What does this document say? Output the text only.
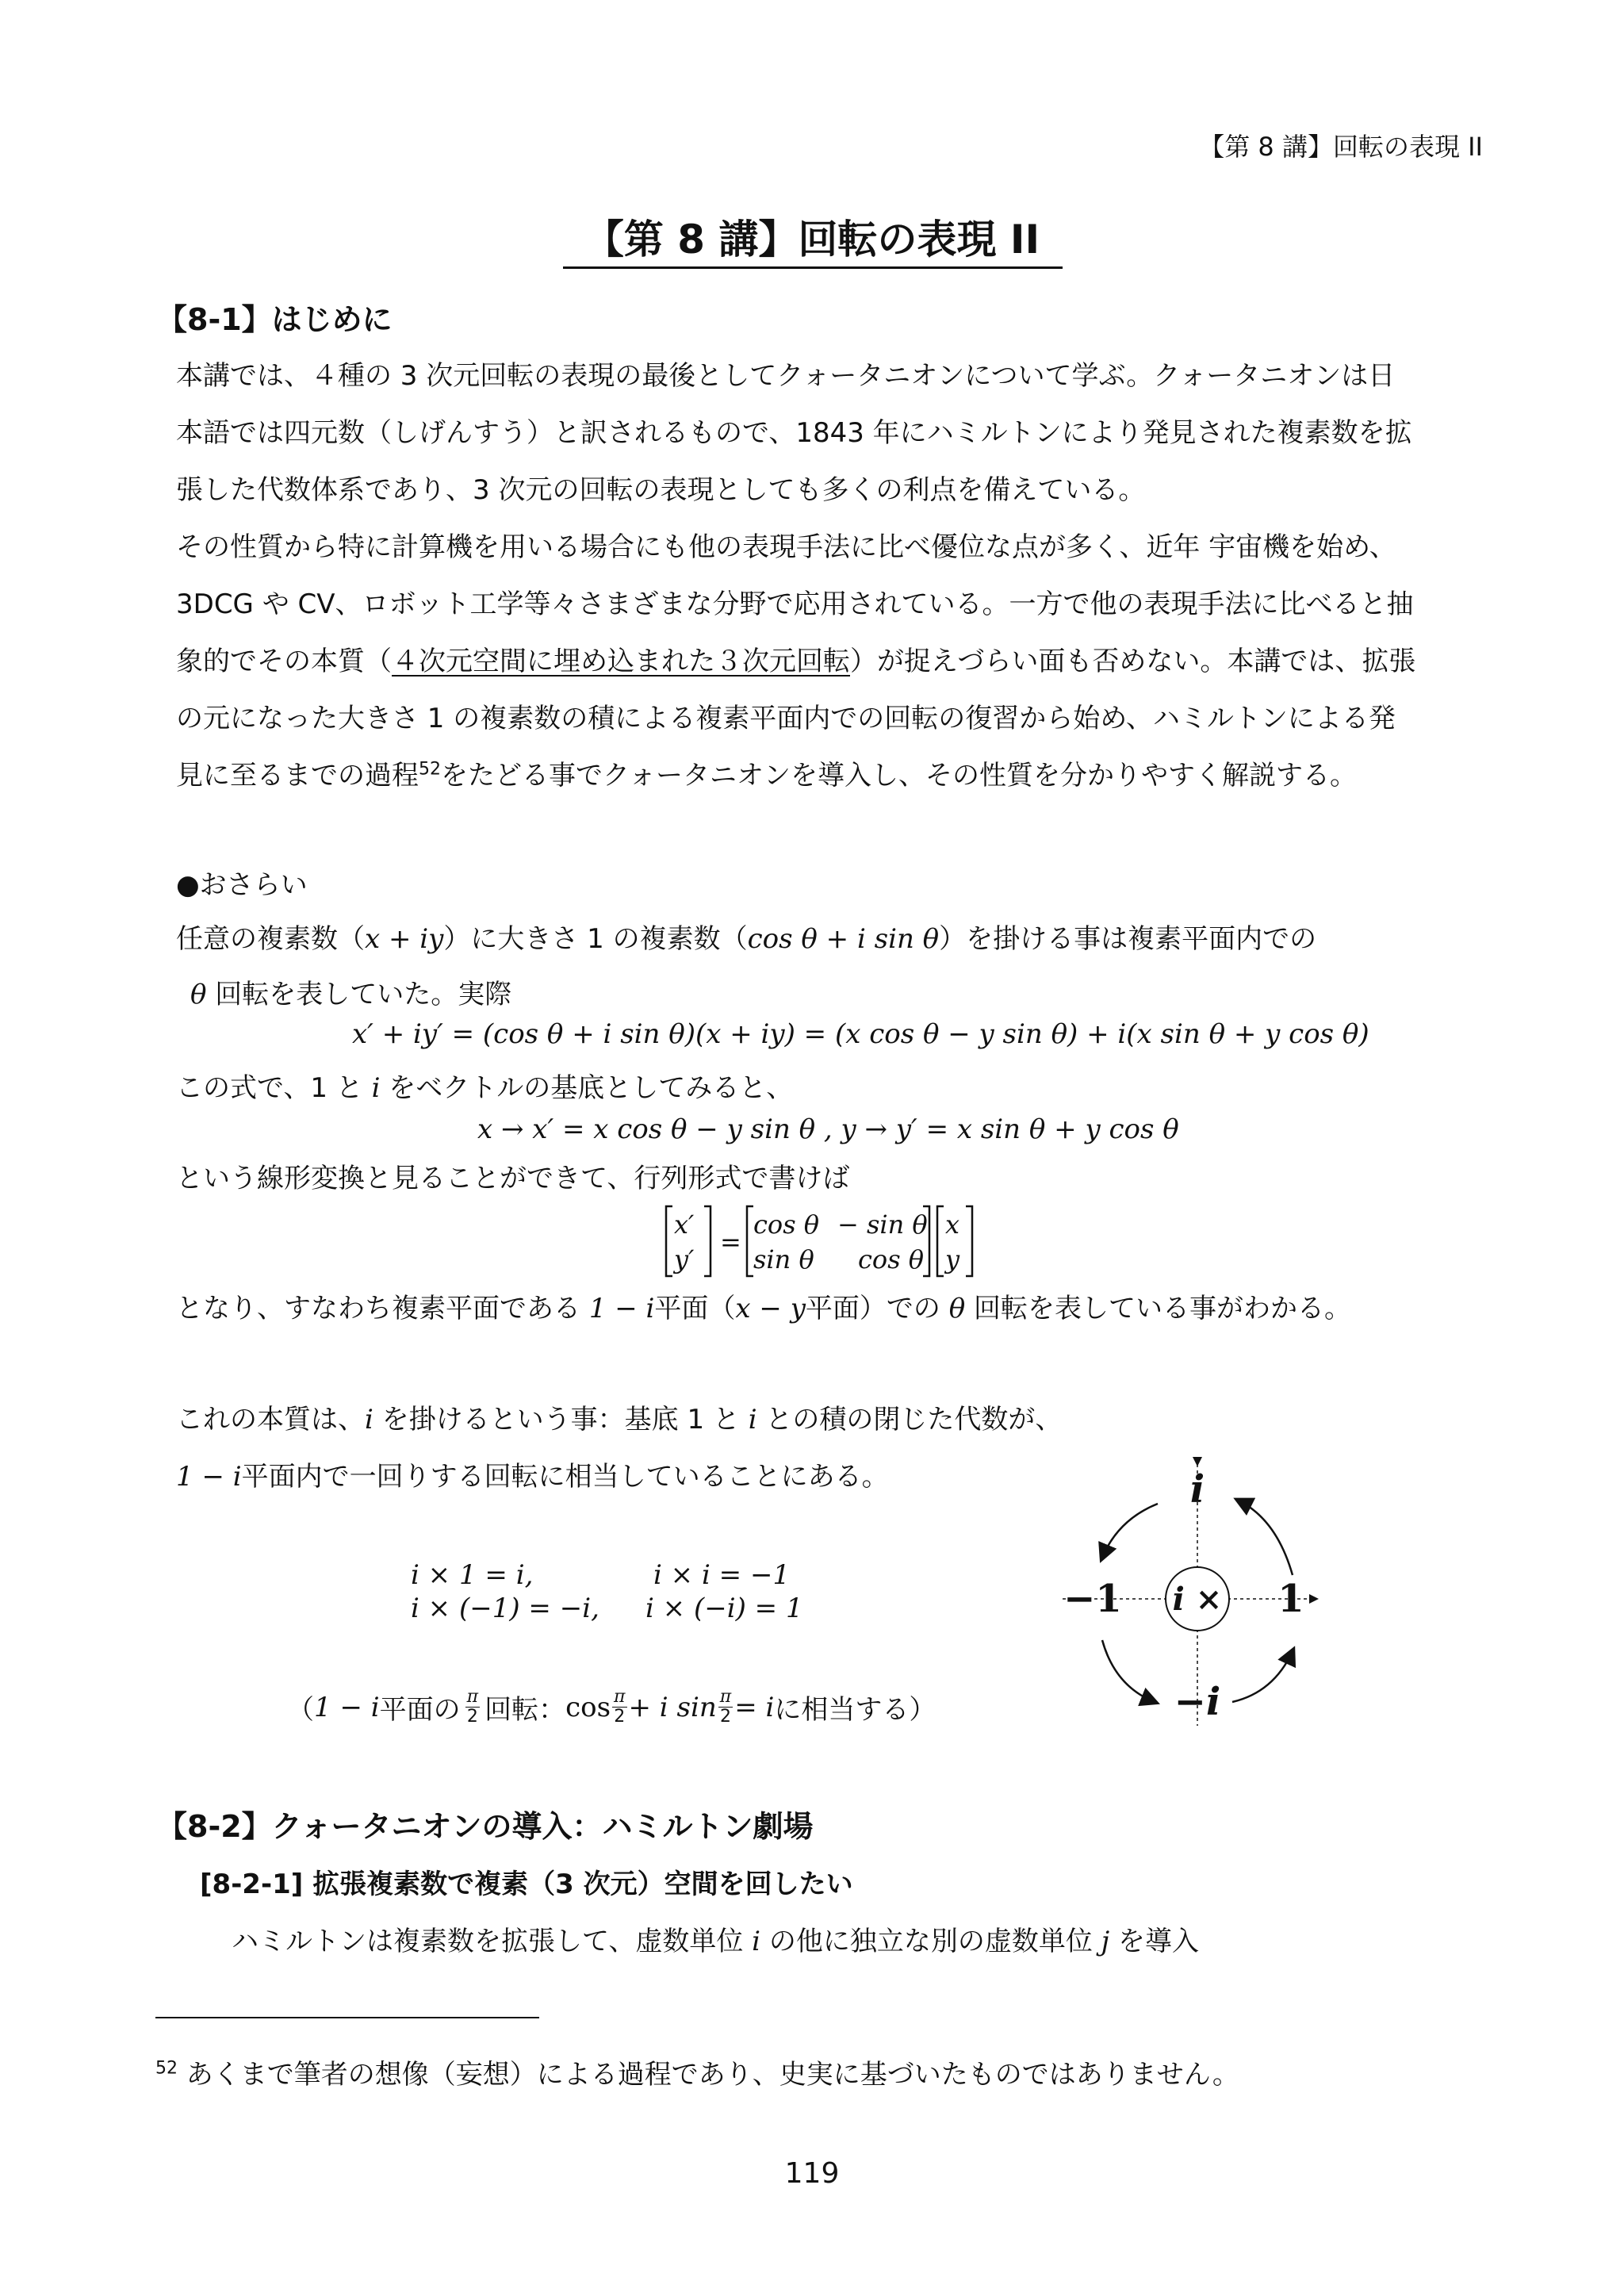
【第 8 講】回転の表現 II
【第 8 講】回転の表現 II
【8-1】はじめに
本講では、４種の 3 次元回転の表現の最後としてクォータニオンについて学ぶ。クォータニオンは日
本語では四元数（しげんすう）と訳されるもので、1843 年にハミルトンにより発見された複素数を拡
張した代数体系であり、3 次元の回転の表現としても多くの利点を備えている。
その性質から特に計算機を用いる場合にも他の表現手法に比べ優位な点が多く、近年 宇宙機を始め、
3DCG や CV、ロボット工学等々さまざまな分野で応用されている。一方で他の表現手法に比べると抽
象的でその本質（４次元空間に埋め込まれた３次元回転）が捉えづらい面も否めない。本講では、拡張
の元になった大きさ 1 の複素数の積による複素平面内での回転の復習から始め、ハミルトンによる発
見に至るまでの過程$^{52}$をたどる事でクォータニオンを導入し、その性質を分かりやすく解説する。
●おさらい
任意の複素数（x + iy）に大きさ 1 の複素数（cos θ + i sin θ）を掛ける事は複素平面内での
θ 回転を表していた。実際
x′ + iy′ = (cos θ + i sin θ)(x + iy) = (x cos θ − y sin θ) + i(x sin θ + y cos θ)
この式で、1 と i をベクトルの基底としてみると、
x → x′ = x cos θ − y sin θ , y → y′ = x sin θ + y cos θ
という線形変換と見ることができて、行列形式で書けば
x′
y′
=
cos θ − sin θ
sin θ cos θ
x
y
となり、すなわち複素平面である 1 − i平面（x − y平面）での θ 回転を表している事がわかる。
これの本質は、i を掛けるという事：基底 1 と i との積の閉じた代数が、
1 − i平面内で一回りする回転に相当していることにある。
i × 1 = i,	i × i = −1
i × (−1) = −i, i × (−i) = 1
（ 1 − i 平面の $\frac{\pi}{2}$ 回転： $\cos \frac{\pi}{2} + i$ $\sin \frac{\pi}{2} = i$ に相当する）
i ×
i
−i
−1	1
【8-2】クォータニオンの導入：ハミルトン劇場
[8-2-1] 拡張複素数で複素（3 次元）空間を回したい
ハミルトンは複素数を拡張して、虚数単位 i の他に独立な別の虚数単位 j を導入
$^{52}$ あくまで筆者の想像（妄想）による過程であり、史実に基づいたものではありません。
119
